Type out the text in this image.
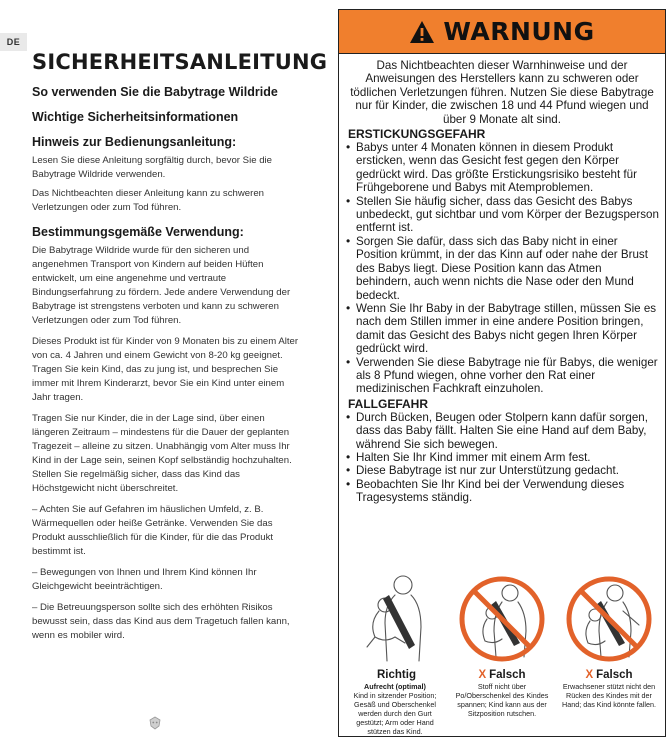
DE
SICHERHEITSANLEITUNG
So verwenden Sie die Babytrage Wildride
Wichtige Sicherheitsinformationen
Hinweis zur Bedienungsanleitung:

Lesen Sie diese Anleitung sorgfältig durch, bevor Sie die Babytrage Wildride verwenden.

Das Nichtbeachten dieser Anleitung kann zu schweren Verletzungen oder zum Tod führen.

Bestimmungsgemäße Verwendung:

Die Babytrage Wildride wurde für den sicheren und angenehmen Transport von Kindern auf beiden Hüften entwickelt, um eine angenehme und vertraute Bindungserfahrung zu fördern. Jede andere Verwendung der Babytrage ist strengstens verboten und kann zu schweren Verletzungen oder zum Tod führen.

Dieses Produkt ist für Kinder von 9 Monaten bis zu einem Alter von ca. 4 Jahren und einem Gewicht von 8-20 kg geeignet. Tragen Sie kein Kind, das zu jung ist, und besprechen Sie immer mit Ihrem Kinderarzt, bevor Sie ein Kind unter einem Jahr tragen.

Tragen Sie nur Kinder, die in der Lage sind, über einen längeren Zeitraum – mindestens für die Dauer der geplanten Tragezeit – alleine zu sitzen. Unabhängig vom Alter muss Ihr Kind in der Lage sein, seinen Kopf selbständig hochzuhalten. Stellen Sie regelmäßig sicher, dass das Kind das Höchstgewicht nicht überschreitet.

– Achten Sie auf Gefahren im häuslichen Umfeld, z. B. Wärmequellen oder heiße Getränke. Verwenden Sie das Produkt ausschließlich für die Kinder, für die das Produkt bestimmt ist.

– Bewegungen von Ihnen und Ihrem Kind können Ihr Gleichgewicht beeinträchtigen.

– Die Betreuungsperson sollte sich des erhöhten Risikos bewusst sein, dass das Kind aus dem Tragetuch fallen kann, wenn es mobiler wird.

WARNUNG

Das Nichtbeachten dieser Warnhinweise und der Anweisungen des Herstellers kann zu schweren oder tödlichen Verletzungen führen. Nutzen Sie diese Babytrage nur für Kinder, die zwischen 18 und 44 Pfund wiegen und über 9 Monate alt sind.

ERSTICKUNGSGEFAHR
• Babys unter 4 Monaten können in diesem Produkt ersticken, wenn das Gesicht fest gegen den Körper gedrückt wird. Das größte Erstickungsrisiko besteht für Frühgeborene und Babys mit Atemproblemen.
• Stellen Sie häufig sicher, dass das Gesicht des Babys unbedeckt, gut sichtbar und vom Körper der Bezugsperson entfernt ist.
• Sorgen Sie dafür, dass sich das Baby nicht in einer Position krümmt, in der das Kinn auf oder nahe der Brust des Babys liegt. Diese Position kann das Atmen behindern, auch wenn nichts die Nase oder den Mund bedeckt.
• Wenn Sie Ihr Baby in der Babytrage stillen, müssen Sie es nach dem Stillen immer in eine andere Position bringen, damit das Gesicht des Babys nicht gegen Ihren Körper gedrückt wird.
• Verwenden Sie diese Babytrage nie für Babys, die weniger als 8 Pfund wiegen, ohne vorher den Rat einer medizinischen Fachkraft einzuholen.
FALLGEFAHR
• Durch Bücken, Beugen oder Stolpern kann dafür sorgen, dass das Baby fällt. Halten Sie eine Hand auf dem Baby, während Sie sich bewegen.
• Halten Sie Ihr Kind immer mit einem Arm fest.
• Diese Babytrage ist nur zur Unterstützung gedacht.
• Beobachten Sie Ihr Kind bei der Verwendung dieses Tragesystems ständig.
Richtig
Aufrecht (optimal)
Kind in sitzender Position; Gesäß und Oberschenkel werden durch den Gurt gestützt; Arm oder Hand stützen das Kind.
X Falsch
Stoff nicht über Po/Oberschenkel des Kindes spannen; Kind kann aus der Sitzposition rutschen.
X Falsch
Erwachsener stützt nicht den Rücken des Kindes mit der Hand; das Kind könnte fallen.
